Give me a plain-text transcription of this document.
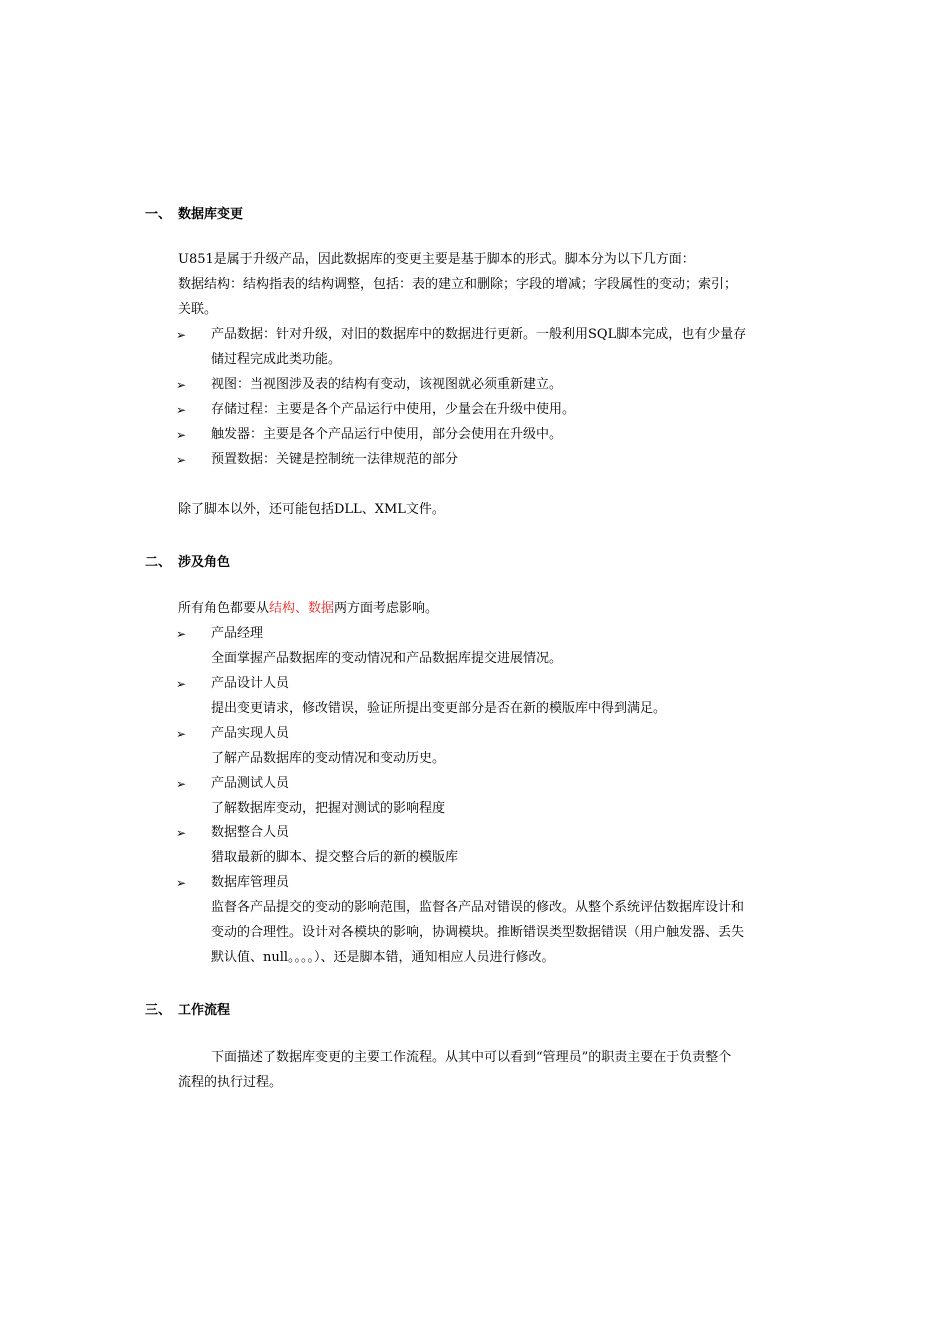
一、 数据库变更
U851是属于升级产品，因此数据库的变更主要是基于脚本的形式。脚本分为以下几方面：
数据结构：结构指表的结构调整，包括：表的建立和删除；字段的增减；字段属性的变动；索引；
关联。
➢ 产品数据：针对升级，对旧的数据库中的数据进行更新。一般利用SQL脚本完成，也有少量存
储过程完成此类功能。
➢ 视图：当视图涉及表的结构有变动，该视图就必须重新建立。
➢ 存储过程：主要是各个产品运行中使用，少量会在升级中使用。
➢ 触发器：主要是各个产品运行中使用，部分会使用在升级中。
➢ 预置数据：关键是控制统一法律规范的部分
除了脚本以外，还可能包括DLL、XML文件。
二、 涉及角色
所有角色都要从结构、数据两方面考虑影响。
➢ 产品经理
全面掌握产品数据库的变动情况和产品数据库提交进展情况。
➢ 产品设计人员
提出变更请求，修改错误，验证所提出变更部分是否在新的模版库中得到满足。
➢ 产品实现人员
了解产品数据库的变动情况和变动历史。
➢ 产品测试人员
了解数据库变动，把握对测试的影响程度
➢ 数据整合人员
猎取最新的脚本、提交整合后的新的模版库
➢ 数据库管理员
监督各产品提交的变动的影响范围，监督各产品对错误的修改。从整个系统评估数据库设计和
变动的合理性。设计对各模块的影响，协调模块。推断错误类型数据错误（用户触发器、丢失
默认值、null。。。。）、还是脚本错，通知相应人员进行修改。
三、 工作流程
下面描述了数据库变更的主要工作流程。从其中可以看到“管理员”的职责主要在于负责整个
流程的执行过程。
